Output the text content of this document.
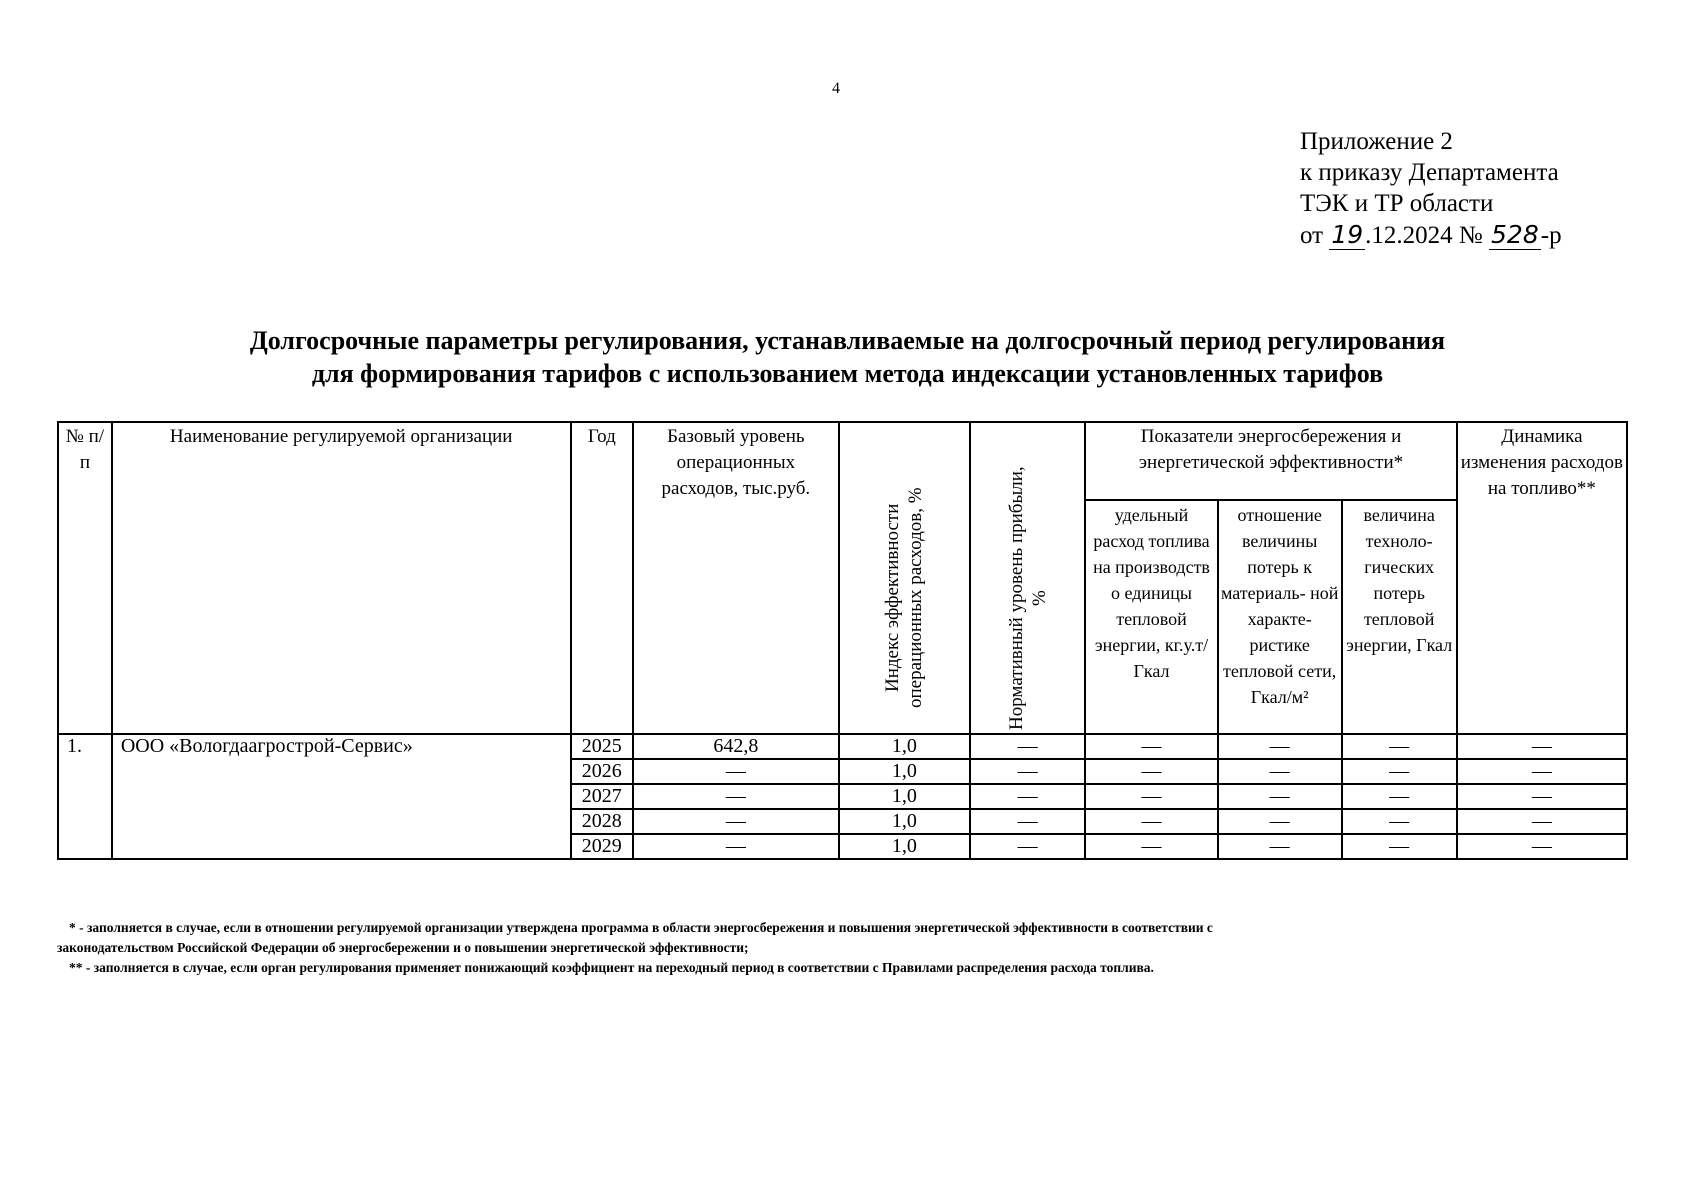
4
Приложение 2
к приказу Департамента
ТЭК и ТР области
от 19.12.2024 № 528-р
Долгосрочные параметры регулирования, устанавливаемые на долгосрочный период регулирования
для формирования тарифов с использованием метода индексации установленных тарифов
№ п/п	Наименование регулируемой организации	Год	Базовый уровень операционных расходов, тыс.руб.	Индекс эффективности операционных расходов, %	Нормативный уровень прибыли, %	Показатели энергосбережения и энергетической эффективности*			Динамика изменения расходов на топливо**
						удельный расход топлива на производств о единицы тепловой энергии, кг.у.т/Гкал	отношение величины потерь к материаль- ной характе- ристике тепловой сети, Гкал/м²	величина техноло- гических потерь тепловой энергии, Гкал	
1.	ООО «Вологдаагрострой-Сервис»	2025	642,8	1,0	—	—	—	—	—
		2026	—	1,0	—	—	—	—	—
		2027	—	1,0	—	—	—	—	—
		2028	—	1,0	—	—	—	—	—
		2029	—	1,0	—	—	—	—	—

* - заполняется в случае, если в отношении регулируемой организации утверждена программа в области энергосбережения и повышения энергетической эффективности в соответствии с

законодательством Российской Федерации об энергосбережении и о повышении энергетической эффективности;

** - заполняется в случае, если орган регулирования применяет понижающий коэффициент на переходный период в соответствии с Правилами распределения расхода топлива.
